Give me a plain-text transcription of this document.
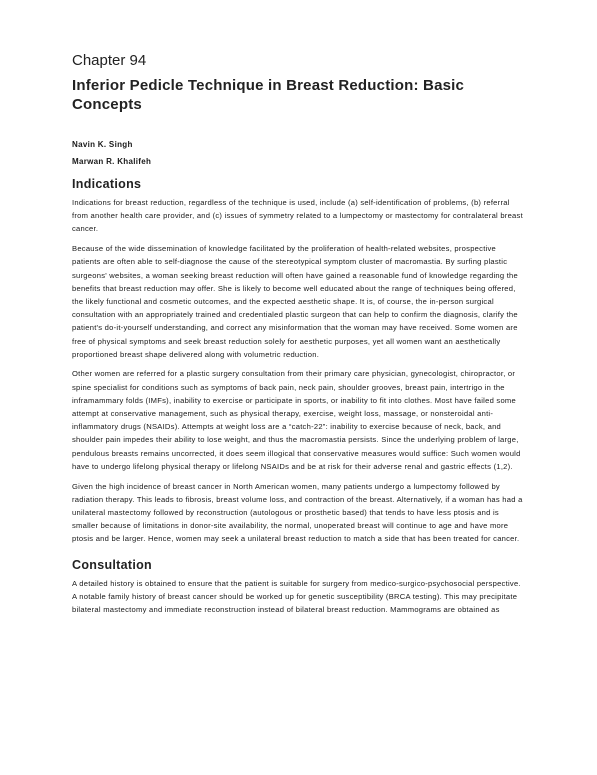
Chapter 94
Inferior Pedicle Technique in Breast Reduction: Basic Concepts

Navin K. Singh

Marwan R. Khalifeh

Indications

Indications for breast reduction, regardless of the technique is used, include (a) self-identification of problems, (b) referral from another health care provider, and (c) issues of symmetry related to a lumpectomy or mastectomy for contralateral breast cancer.

Because of the wide dissemination of knowledge facilitated by the proliferation of health-related websites, prospective patients are often able to self-diagnose the cause of the stereotypical symptom cluster of macromastia. By surfing plastic surgeons' websites, a woman seeking breast reduction will often have gained a reasonable fund of knowledge regarding the benefits that breast reduction may offer. She is likely to become well educated about the range of techniques being offered, the likely functional and cosmetic outcomes, and the expected aesthetic shape. It is, of course, the in-person surgical consultation with an appropriately trained and credentialed plastic surgeon that can help to confirm the diagnosis, clarify the patient's do-it-yourself understanding, and correct any misinformation that the woman may have received. Some women are free of physical symptoms and seek breast reduction solely for aesthetic purposes, yet all women want an aesthetically proportioned breast shape delivered along with volumetric reduction.

Other women are referred for a plastic surgery consultation from their primary care physician, gynecologist, chiropractor, or spine specialist for conditions such as symptoms of back pain, neck pain, shoulder grooves, breast pain, intertrigo in the inframammary folds (IMFs), inability to exercise or participate in sports, or inability to fit into clothes. Most have failed some attempt at conservative management, such as physical therapy, exercise, weight loss, massage, or nonsteroidal anti-inflammatory drugs (NSAIDs). Attempts at weight loss are a “catch-22”: inability to exercise because of neck, back, and shoulder pain impedes their ability to lose weight, and thus the macromastia persists. Since the underlying problem of large, pendulous breasts remains uncorrected, it does seem illogical that conservative measures would suffice: Such women would have to undergo lifelong physical therapy or lifelong NSAIDs and be at risk for their adverse renal and gastric effects (1,2).

Given the high incidence of breast cancer in North American women, many patients undergo a lumpectomy followed by radiation therapy. This leads to fibrosis, breast volume loss, and contraction of the breast. Alternatively, if a woman has had a unilateral mastectomy followed by reconstruction (autologous or prosthetic based) that tends to have less ptosis and is smaller because of limitations in donor-site availability, the normal, unoperated breast will continue to age and have more ptosis and be larger. Hence, women may seek a unilateral breast reduction to match a side that has been treated for cancer.

Consultation

A detailed history is obtained to ensure that the patient is suitable for surgery from medico-surgico-psychosocial perspective. A notable family history of breast cancer should be worked up for genetic susceptibility (BRCA testing). This may precipitate bilateral mastectomy and immediate reconstruction instead of bilateral breast reduction. Mammograms are obtained as
